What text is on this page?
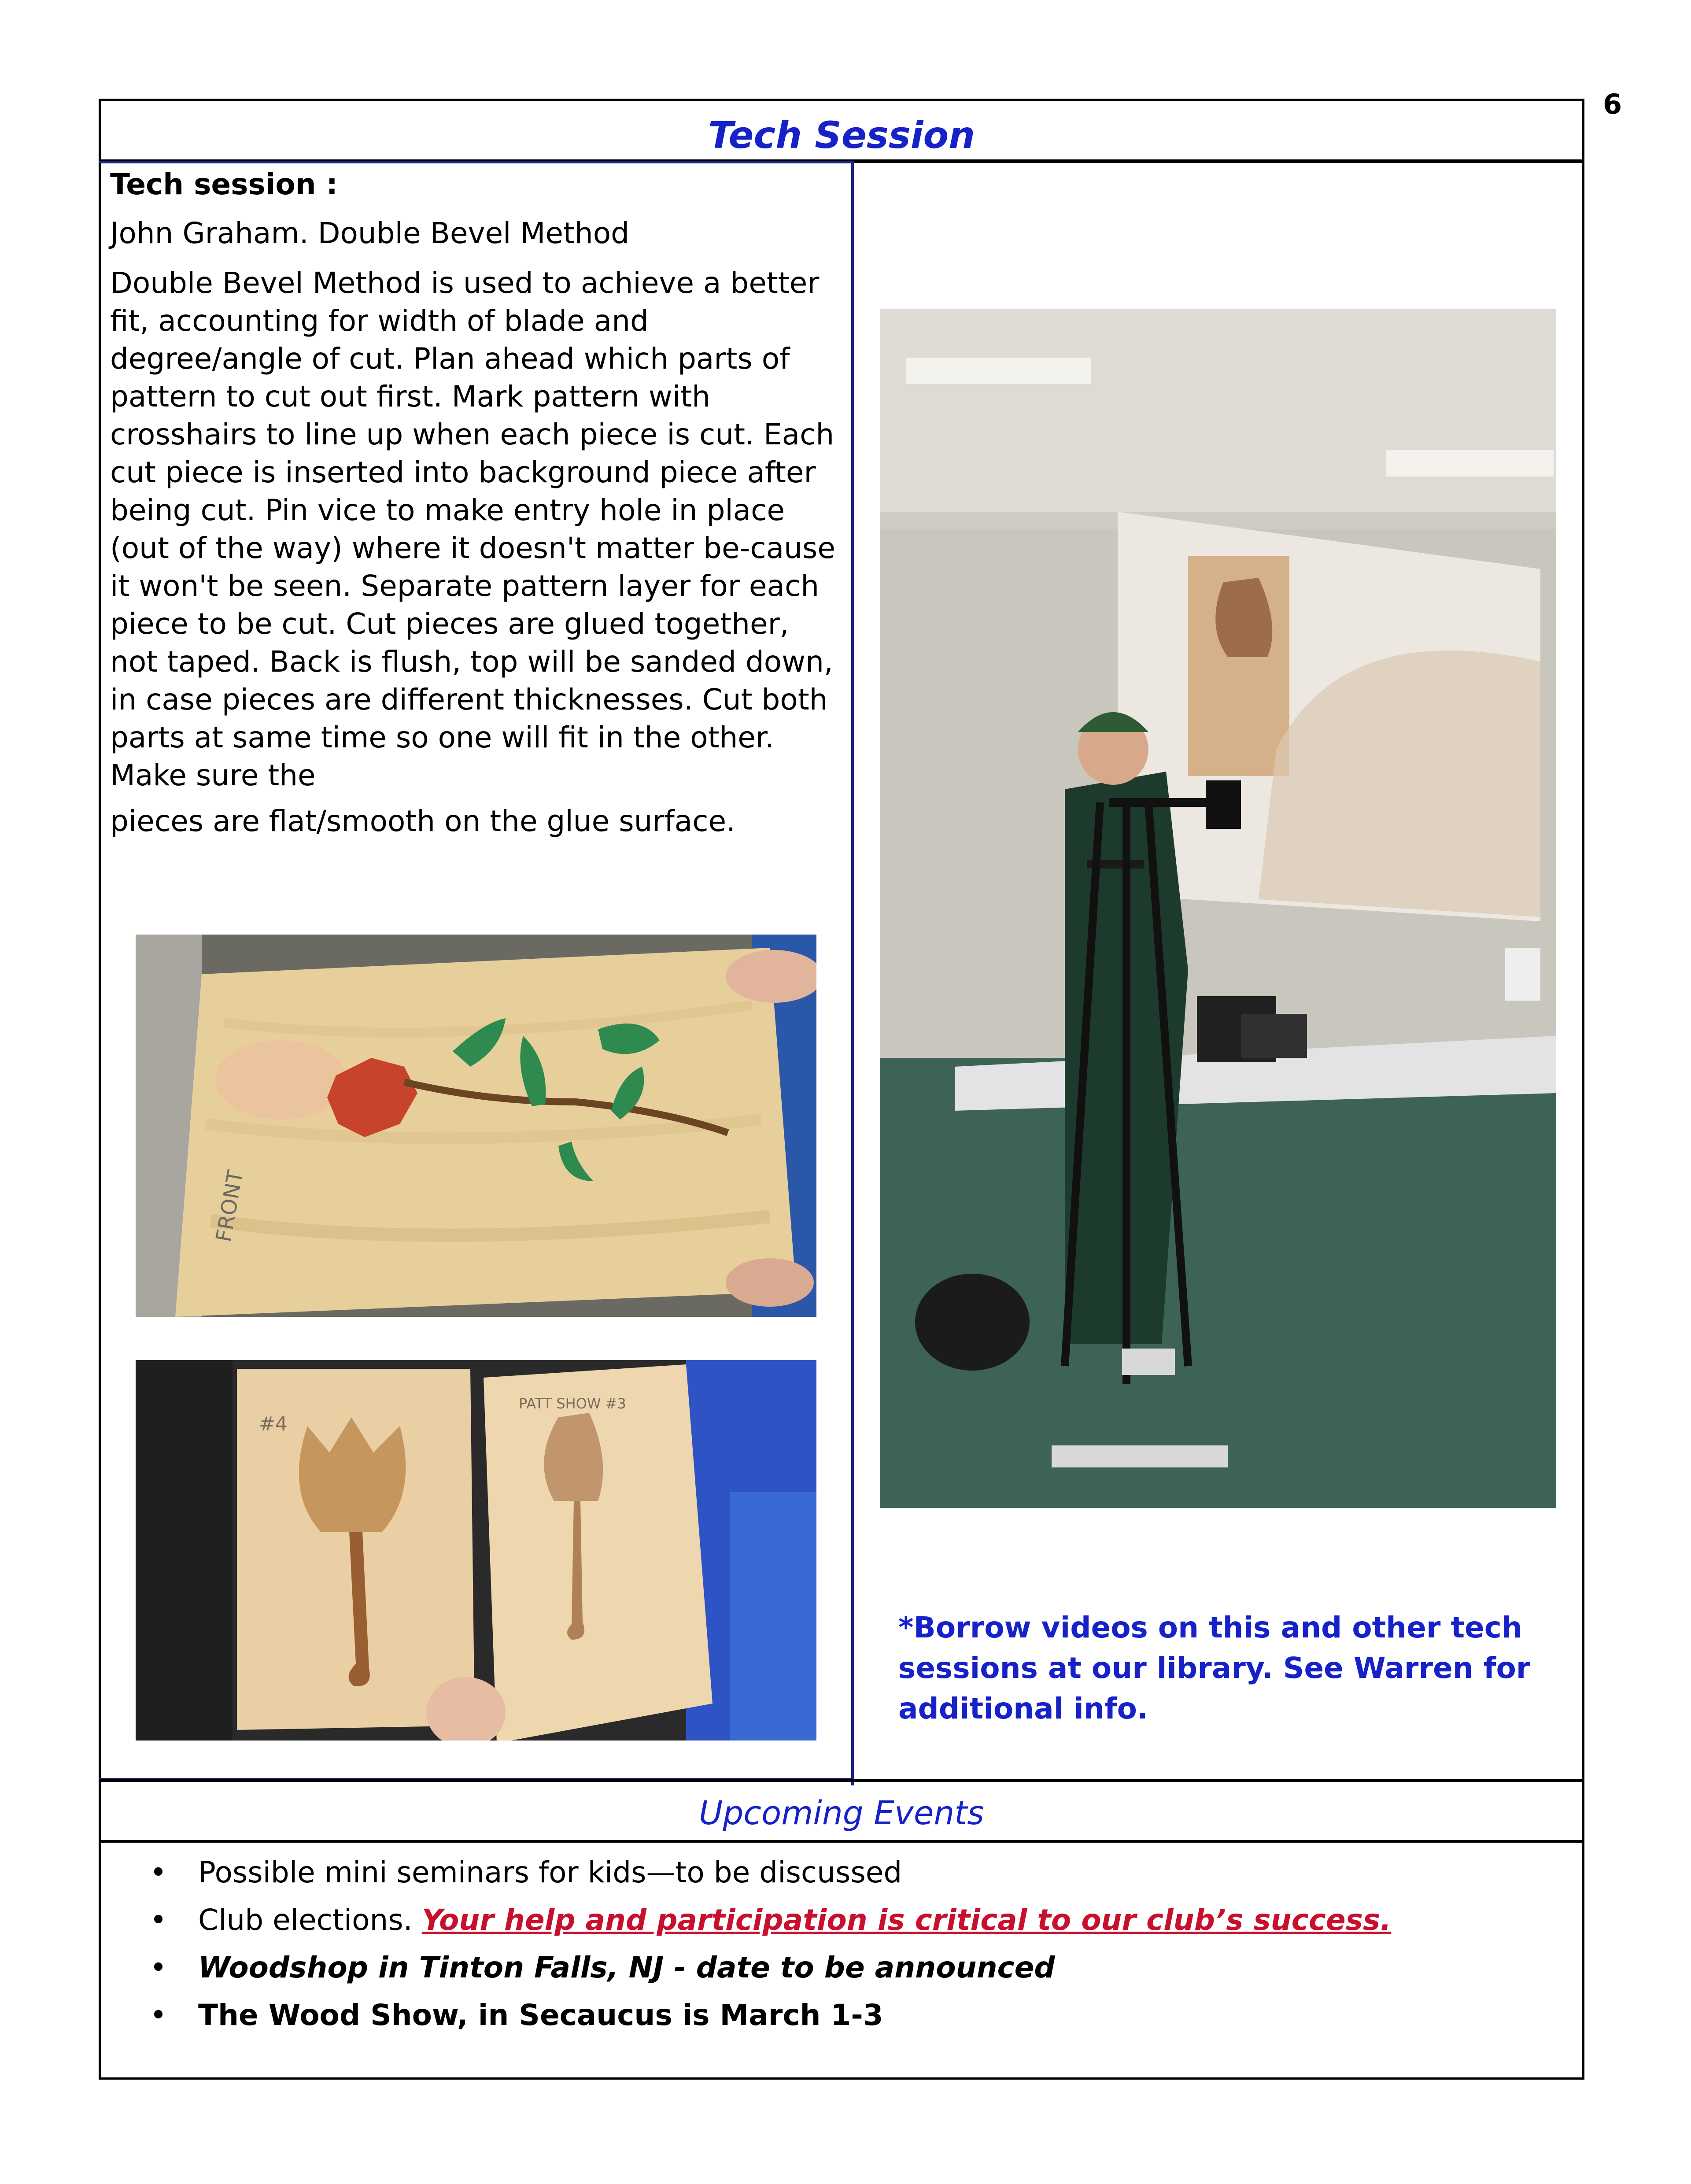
6
Tech Session

Tech session :

John Graham. Double Bevel Method

Double Bevel Method is used to achieve a better fit, accounting for width of blade and degree/angle of cut. Plan ahead which parts of pattern to cut out first. Mark pattern with crosshairs to line up when each piece is cut. Each cut piece is inserted into background piece after being cut. Pin vice to make entry hole in place (out of the way) where it doesn't matter be-cause it won't be seen. Separate pattern layer for each piece to be cut. Cut pieces are glued together, not taped. Back is flush, top will be sanded down, in case pieces are different thicknesses. Cut both parts at same time so one will fit in the other. Make sure the

pieces are flat/smooth on the glue surface.

FRONT
#4
PATT SHOW #3
*Borrow videos on this and other tech sessions at our library. See Warren for additional info.
Upcoming Events
• Possible mini seminars for kids—to be discussed
• Club elections. Your help and participation is critical to our club’s success.
• Woodshop in Tinton Falls, NJ - date to be announced
• The Wood Show, in Secaucus is March 1-3
